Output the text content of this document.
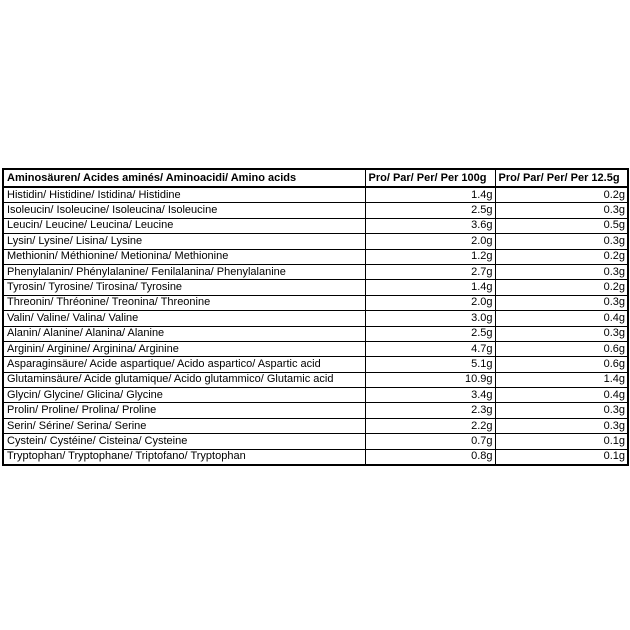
Aminosäuren/ Acides aminés/ Aminoacidi/ Amino acids	Pro/ Par/ Per/ Per 100g	Pro/ Par/ Per/ Per 12.5g
Histidin/ Histidine/ Istidina/ Histidine	1.4g	0.2g
Isoleucin/ Isoleucine/ Isoleucina/ Isoleucine	2.5g	0.3g
Leucin/ Leucine/ Leucina/ Leucine	3.6g	0.5g
Lysin/ Lysine/ Lisina/ Lysine	2.0g	0.3g
Methionin/ Méthionine/ Metionina/ Methionine	1.2g	0.2g
Phenylalanin/ Phénylalanine/ Fenilalanina/ Phenylalanine	2.7g	0.3g
Tyrosin/ Tyrosine/ Tirosina/ Tyrosine	1.4g	0.2g
Threonin/ Thréonine/ Treonina/ Threonine	2.0g	0.3g
Valin/ Valine/ Valina/ Valine	3.0g	0.4g
Alanin/ Alanine/ Alanina/ Alanine	2.5g	0.3g
Arginin/ Arginine/ Arginina/ Arginine	4.7g	0.6g
Asparaginsäure/ Acide aspartique/ Acido aspartico/ Aspartic acid	5.1g	0.6g
Glutaminsäure/ Acide glutamique/ Acido glutammico/ Glutamic acid	10.9g	1.4g
Glycin/ Glycine/ Glicina/ Glycine	3.4g	0.4g
Prolin/ Proline/ Prolina/ Proline	2.3g	0.3g
Serin/ Sérine/ Serina/ Serine	2.2g	0.3g
Cystein/ Cystéine/ Cisteina/ Cysteine	0.7g	0.1g
Tryptophan/ Tryptophane/ Triptofano/ Tryptophan	0.8g	0.1g
